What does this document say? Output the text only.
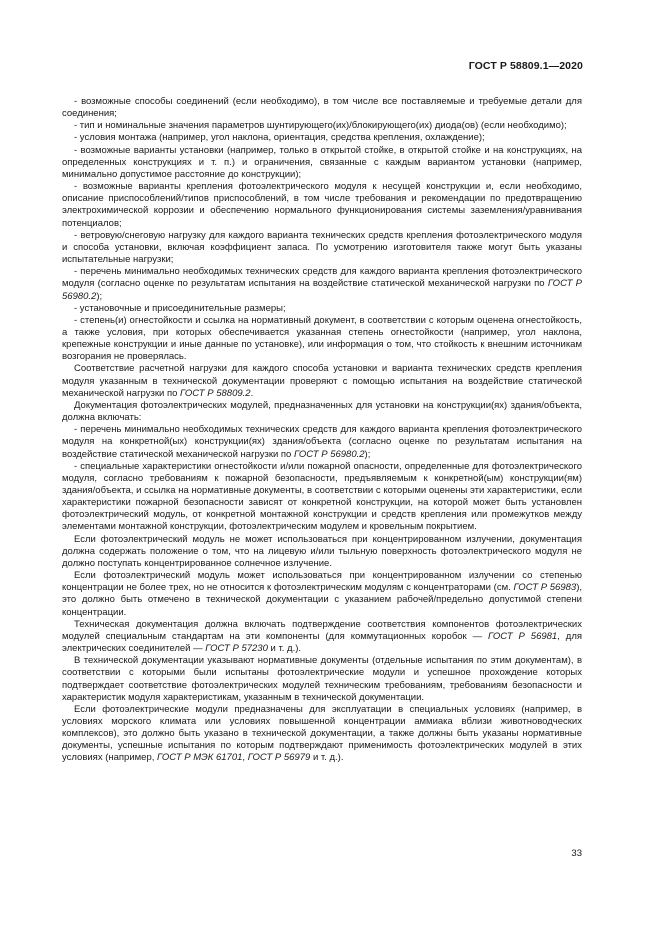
ГОСТ Р 58809.1—2020

- возможные способы соединений (если необходимо), в том числе все поставляемые и требуемые детали для соединения;

- тип и номинальные значения параметров шунтирующего(их)/блокирующего(их) диода(ов) (если необходимо);

- условия монтажа (например, угол наклона, ориентация, средства крепления, охлаждение);

- возможные варианты установки (например, только в открытой стойке, в открытой стойке и на конструкциях, на определенных конструкциях и т. п.) и ограничения, связанные с каждым вариантом установки (например, минимально допустимое расстояние до конструкции);

- возможные варианты крепления фотоэлектрического модуля к несущей конструкции и, если необходимо, описание приспособлений/типов приспособлений, в том числе требования и рекомендации по предотвращению электрохимической коррозии и обеспечению нормального функционирования системы заземления/уравнивания потенциалов;

- ветровую/снеговую нагрузку для каждого варианта технических средств крепления фотоэлектрического модуля и способа установки, включая коэффициент запаса. По усмотрению изготовителя также могут быть указаны испытательные нагрузки;

- перечень минимально необходимых технических средств для каждого варианта крепления фотоэлектрического модуля (согласно оценке по результатам испытания на воздействие статической механической нагрузки по ГОСТ Р 56980.2);

- установочные и присоединительные размеры;

- степень(и) огнестойкости и ссылка на нормативный документ, в соответствии с которым оценена огнестойкость, а также условия, при которых обеспечивается указанная степень огнестойкости (например, угол наклона, крепежные конструкции и иные данные по установке), или информация о том, что стойкость к внешним источникам возгорания не проверялась.

Соответствие расчетной нагрузки для каждого способа установки и варианта технических средств крепления модуля указанным в технической документации проверяют с помощью испытания на воздействие статической механической нагрузки по ГОСТ Р 58809.2.

Документация фотоэлектрических модулей, предназначенных для установки на конструкции(ях) здания/объекта, должна включать:

- перечень минимально необходимых технических средств для каждого варианта крепления фотоэлектрического модуля на конкретной(ых) конструкции(ях) здания/объекта (согласно оценке по результатам испытания на воздействие статической механической нагрузки по ГОСТ Р 56980.2);

- специальные характеристики огнестойкости и/или пожарной опасности, определенные для фотоэлектрического модуля, согласно требованиям к пожарной безопасности, предъявляемым к конкретной(ым) конструкции(ям) здания/объекта, и ссылка на нормативные документы, в соответствии с которыми оценены эти характеристики, если характеристики пожарной безопасности зависят от конкретной конструкции, на которой может быть установлен фотоэлектрический модуль, от конкретной монтажной конструкции и средств крепления или промежутков между элементами монтажной конструкции, фотоэлектрическим модулем и кровельным покрытием.

Если фотоэлектрический модуль не может использоваться при концентрированном излучении, документация должна содержать положение о том, что на лицевую и/или тыльную поверхность фотоэлектрического модуля не должно поступать концентрированное солнечное излучение.

Если фотоэлектрический модуль может использоваться при концентрированном излучении со степенью концентрации не более трех, но не относится к фотоэлектрическим модулям с концентраторами (см. ГОСТ Р 56983), это должно быть отмечено в технической документации с указанием рабочей/предельно допустимой степени концентрации.

Техническая документация должна включать подтверждение соответствия компонентов фотоэлектрических модулей специальным стандартам на эти компоненты (для коммутационных коробок — ГОСТ Р 56981, для электрических соединителей — ГОСТ Р 57230 и т. д.).

В технической документации указывают нормативные документы (отдельные испытания по этим документам), в соответствии с которыми были испытаны фотоэлектрические модули и успешное прохождение которых подтверждает соответствие фотоэлектрических модулей техническим требованиям, требованиям безопасности и характеристик модуля характеристикам, указанным в технической документации.

Если фотоэлектрические модули предназначены для эксплуатации в специальных условиях (например, в условиях морского климата или условиях повышенной концентрации аммиака вблизи животноводческих комплексов), это должно быть указано в технической документации, а также должны быть указаны нормативные документы, успешные испытания по которым подтверждают применимость фотоэлектрических модулей в этих условиях (например, ГОСТ Р МЭК 61701, ГОСТ Р 56979 и т. д.).

33
